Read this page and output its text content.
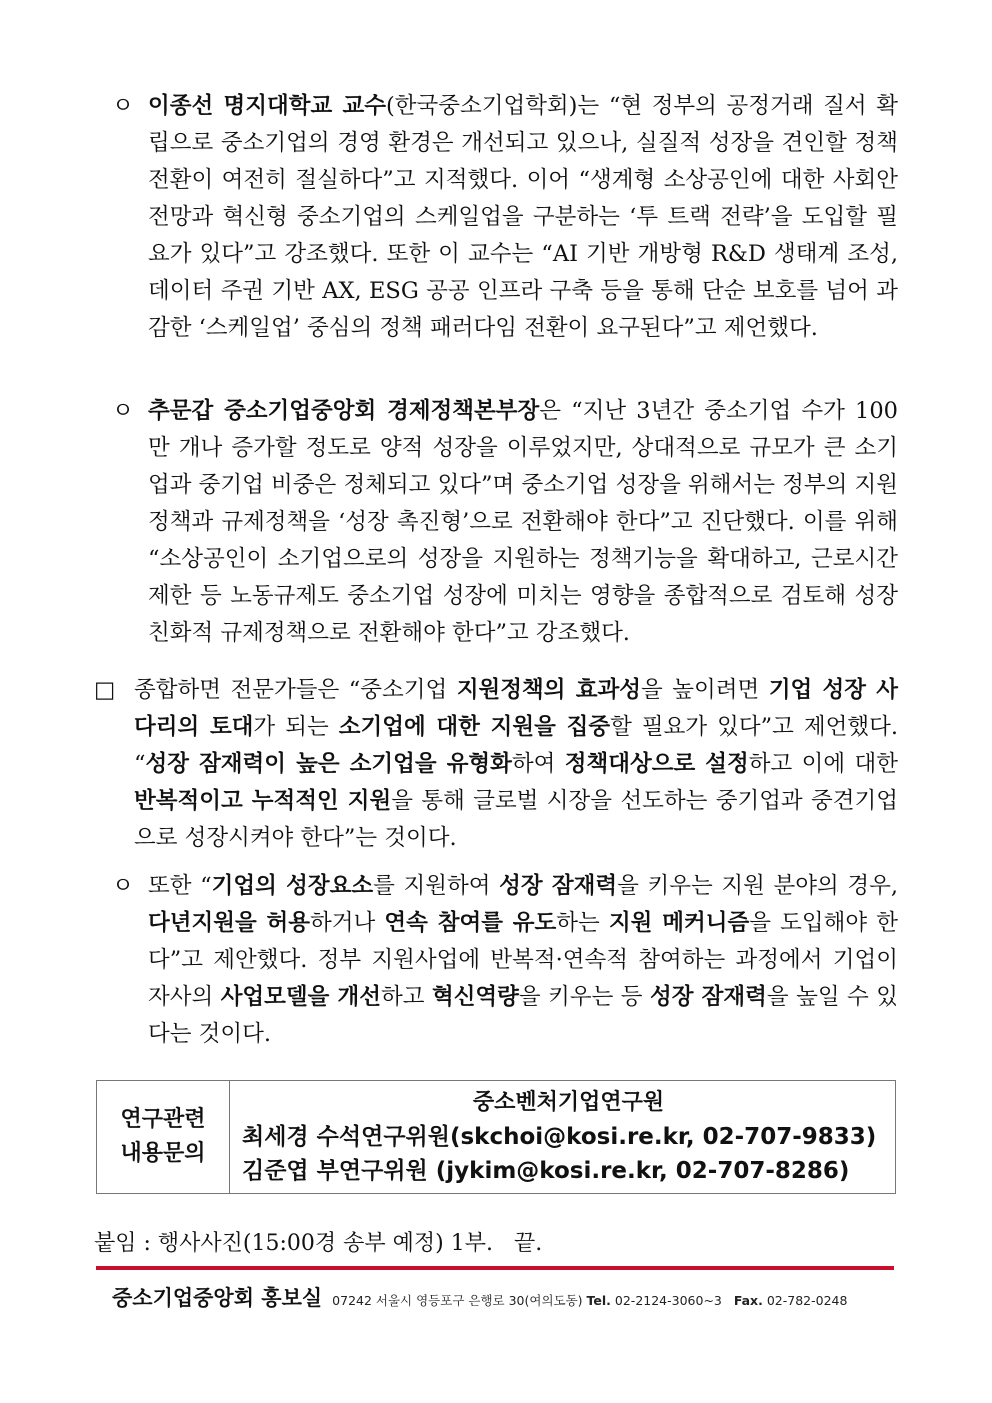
ㅇ 이종선 명지대학교 교수(한국중소기업학회)는 “현 정부의 공정거래 질서 확립으로 중소기업의 경영 환경은 개선되고 있으나, 실질적 성장을 견인할 정책 전환이 여전히 절실하다”고 지적했다. 이어 “생계형 소상공인에 대한 사회안전망과 혁신형 중소기업의 스케일업을 구분하는 ‘투 트랙 전략’을 도입할 필요가 있다”고 강조했다. 또한 이 교수는 “AI 기반 개방형 R&D 생태계 조성, 데이터 주권 기반 AX, ESG 공공 인프라 구축 등을 통해 단순 보호를 넘어 과감한 ‘스케일업’ 중심의 정책 패러다임 전환이 요구된다”고 제언했다.

ㅇ 추문갑 중소기업중앙회 경제정책본부장은 “지난 3년간 중소기업 수가 100만 개나 증가할 정도로 양적 성장을 이루었지만, 상대적으로 규모가 큰 소기업과 중기업 비중은 정체되고 있다”며 중소기업 성장을 위해서는 정부의 지원정책과 규제정책을 ‘성장 촉진형’으로 전환해야 한다”고 진단했다. 이를 위해 “소상공인이 소기업으로의 성장을 지원하는 정책기능을 확대하고, 근로시간 제한 등 노동규제도 중소기업 성장에 미치는 영향을 종합적으로 검토해 성장 친화적 규제정책으로 전환해야 한다”고 강조했다.

□ 종합하면 전문가들은 “중소기업 지원정책의 효과성을 높이려면 기업 성장 사다리의 토대가 되는 소기업에 대한 지원을 집중할 필요가 있다”고 제언했다. “성장 잠재력이 높은 소기업을 유형화하여 정책대상으로 설정하고 이에 대한 반복적이고 누적적인 지원을 통해 글로벌 시장을 선도하는 중기업과 중견기업으로 성장시켜야 한다”는 것이다.

ㅇ 또한 “기업의 성장요소를 지원하여 성장 잠재력을 키우는 지원 분야의 경우, 다년지원을 허용하거나 연속 참여를 유도하는 지원 메커니즘을 도입해야 한다”고 제안했다. 정부 지원사업에 반복적·연속적 참여하는 과정에서 기업이 자사의 사업모델을 개선하고 혁신역량을 키우는 등 성장 잠재력을 높일 수 있다는 것이다.

연구관련
내용문의
중소벤처기업연구원
최세경 수석연구위원(skchoi@kosi.re.kr, 02-707-9833)
김준엽 부연구위원 (jykim@kosi.re.kr, 02-707-8286)
붙임 : 행사사진(15:00경 송부 예정) 1부.   끝.
중소기업중앙회 홍보실 07242 서울시 영등포구 은행로 30(여의도동) Tel. 02-2124-3060~3 Fax. 02-782-0248
